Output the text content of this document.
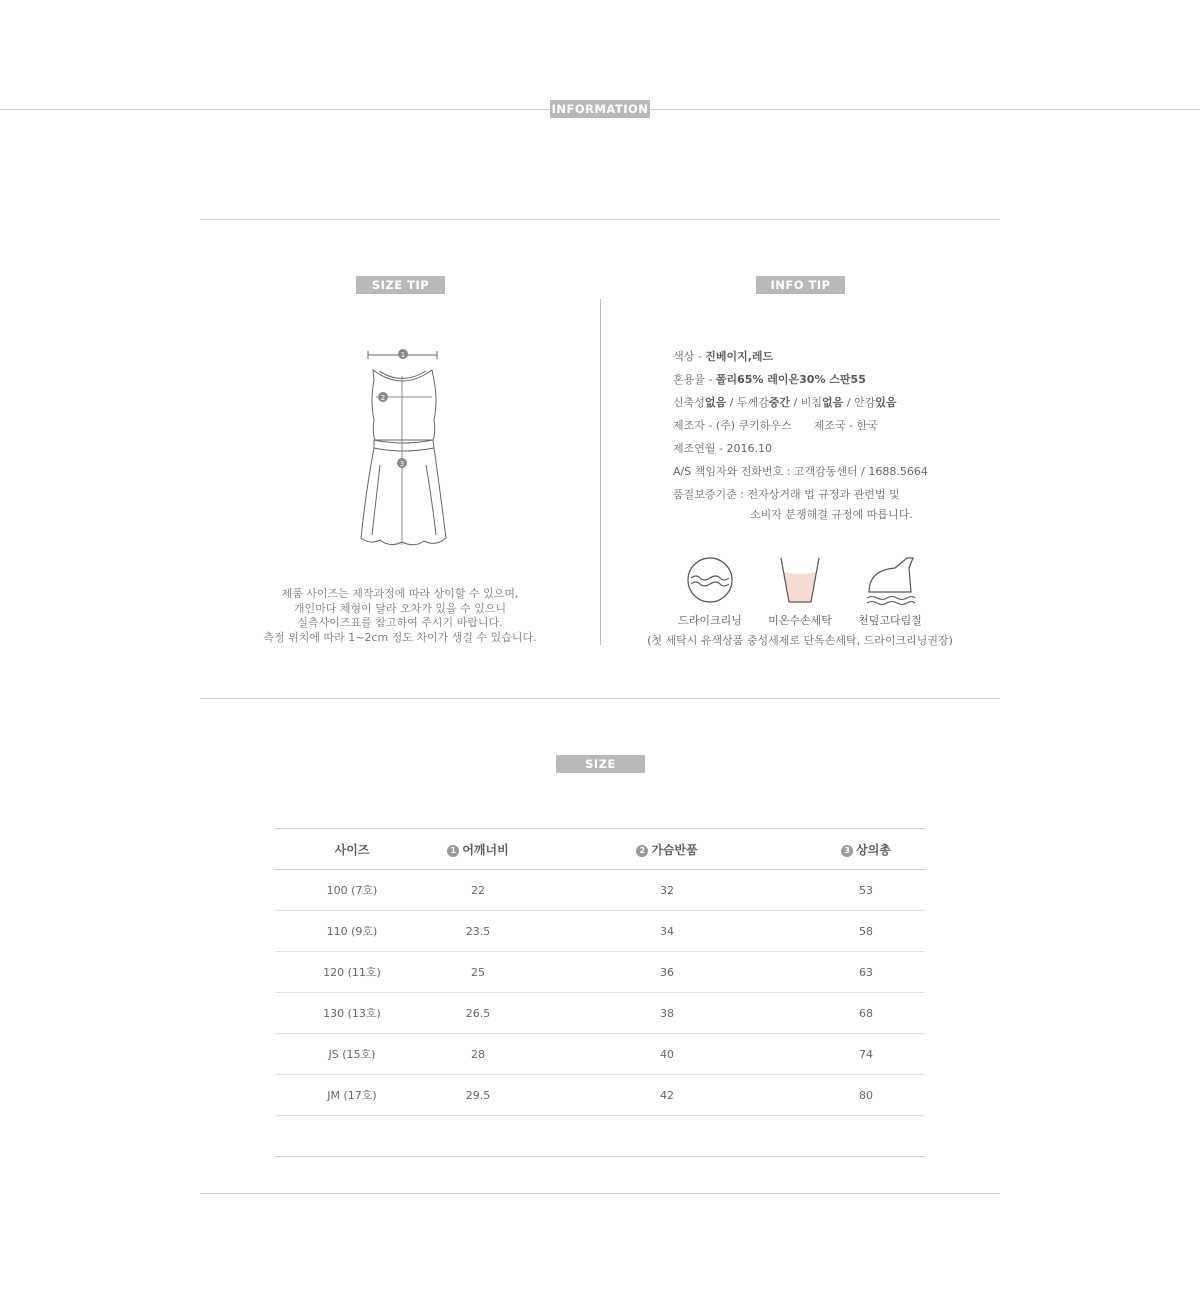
INFORMATION
SIZE TIP
1
2
3
제품 사이즈는 제작과정에 따라 상이할 수 있으며,
개인마다 체형이 달라 오차가 있을 수 있으니
실측사이즈표를 참고하여 주시기 바랍니다.
측정 위치에 따라 1~2cm 정도 차이가 생길 수 있습니다.
INFO TIP
색상 - 진베이지,레드
혼용율 - 폴리65% 레이온30% 스판55
신축성없음 / 두께감중간 / 비침없음 / 안감있음
제조자 - (주) 쿠키하우스 제조국 - 한국
제조연월 - 2016.10
A/S 책임자와 전화번호 : 고객감동센터 / 1688.5664
품질보증기준 : 전자상거래 법 규정과 관련법 및
소비자 분쟁해결 규정에 따릅니다.
드라이크리닝	미온수손세탁	천덮고다림질
(첫 세탁시 유색상품 중성세제로 단독손세탁, 드라이크리닝권장)
SIZE
사이즈	1 어깨너비	2 가슴반품	3 상의총
100 (7호)	22	32	53
110 (9호)	23.5	34	58
120 (11호)	25	36	63
130 (13호)	26.5	38	68
JS (15호)	28	40	74
JM (17호)	29.5	42	80
